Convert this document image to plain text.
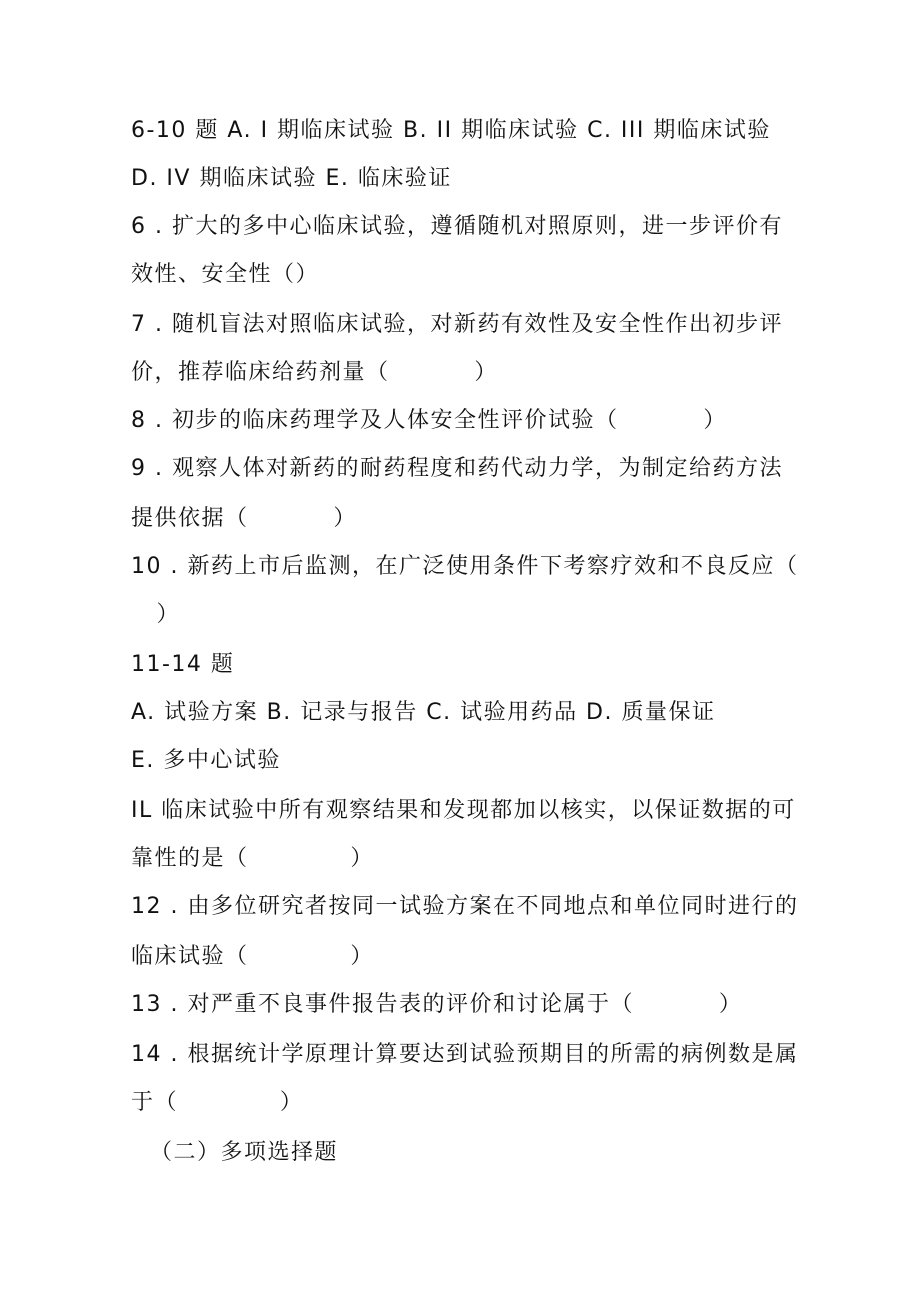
6-10 题 A. I 期临床试验 B. II 期临床试验 C. III 期临床试验
D. IV 期临床试验 E. 临床验证
6 . 扩大的多中心临床试验，遵循随机对照原则，进一步评价有
效性、安全性（）
7 . 随机盲法对照临床试验，对新药有效性及安全性作出初步评
价，推荐临床给药剂量（          ）
8 . 初步的临床药理学及人体安全性评价试验（          ）
9 . 观察人体对新药的耐药程度和药代动力学，为制定给药方法
提供依据（          ）
10 . 新药上市后监测，在广泛使用条件下考察疗效和不良反应（
）
11-14 题
A. 试验方案 B. 记录与报告 C. 试验用药品 D. 质量保证
E. 多中心试验
IL 临床试验中所有观察结果和发现都加以核实，以保证数据的可
靠性的是（            ）
12 . 由多位研究者按同一试验方案在不同地点和单位同时进行的
临床试验（            ）
13 . 对严重不良事件报告表的评价和讨论属于（          ）
14 . 根据统计学原理计算要达到试验预期目的所需的病例数是属
于（            ）
（二）多项选择题
